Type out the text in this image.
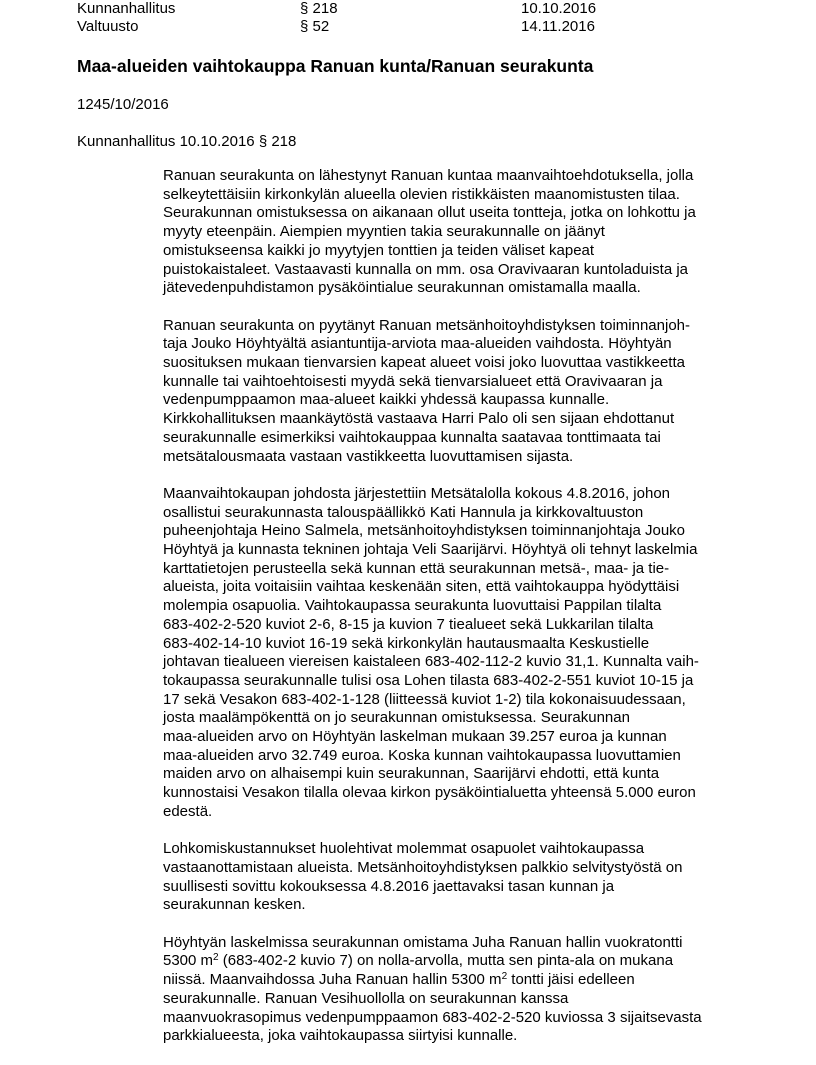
Kunnanhallitus	§ 218	10.10.2016
Valtuusto	§ 52	14.11.2016
Maa-alueiden vaihtokauppa Ranuan kunta/Ranuan seurakunta
1245/10/2016
Kunnanhallitus 10.10.2016 § 218

Ranuan seurakunta on lähestynyt Ranuan kuntaa maanvaihtoehdotuksella, jolla
selkeytettäisiin kirkonkylän alueella olevien ristikkäisten maanomistusten tilaa.
Seurakunnan omistuksessa on aikanaan ollut useita tontteja, jotka on lohkottu ja
myyty eteenpäin. Aiempien myyntien takia seurakunnalle on jäänyt
omistukseensa kaikki jo myytyjen tonttien ja teiden väliset kapeat
puistokaistaleet. Vastaavasti kunnalla on mm. osa Oravivaaran kuntoladuista ja
jätevedenpuhdistamon pysäköintialue seurakunnan omistamalla maalla.

Ranuan seurakunta on pyytänyt Ranuan metsänhoitoyhdistyksen toiminnanjoh-
taja Jouko Höyhtyältä asiantuntija-arviota maa-alueiden vaihdosta. Höyhtyän
suosituksen mukaan tienvarsien kapeat alueet voisi joko luovuttaa vastikkeetta
kunnalle tai vaihtoehtoisesti myydä sekä tienvarsialueet että Oravivaaran ja
vedenpumppaamon maa-alueet kaikki yhdessä kaupassa kunnalle.
Kirkkohallituksen maankäytöstä vastaava Harri Palo oli sen sijaan ehdottanut
seurakunnalle esimerkiksi vaihtokauppaa kunnalta saatavaa tonttimaata tai
metsätalousmaata vastaan vastikkeetta luovuttamisen sijasta.

Maanvaihtokaupan johdosta järjestettiin Metsätalolla kokous 4.8.2016, johon
osallistui seurakunnasta talouspäällikkö Kati Hannula ja kirkkovaltuuston
puheenjohtaja Heino Salmela, metsänhoitoyhdistyksen toiminnanjohtaja Jouko
Höyhtyä ja kunnasta tekninen johtaja Veli Saarijärvi. Höyhtyä oli tehnyt laskelmia
karttatietojen perusteella sekä kunnan että seurakunnan metsä-, maa- ja tie-
alueista, joita voitaisiin vaihtaa keskenään siten, että vaihtokauppa hyödyttäisi
molempia osapuolia. Vaihtokaupassa seurakunta luovuttaisi Pappilan tilalta
683-402-2-520 kuviot 2-6, 8-15 ja kuvion 7 tiealueet sekä Lukkarilan tilalta
683-402-14-10 kuviot 16-19 sekä kirkonkylän hautausmaalta Keskustielle
johtavan tiealueen viereisen kaistaleen 683-402-112-2 kuvio 31,1. Kunnalta vaih-
tokaupassa seurakunnalle tulisi osa Lohen tilasta 683-402-2-551 kuviot 10-15 ja
17 sekä Vesakon 683-402-1-128 (liitteessä kuviot 1-2) tila kokonaisuudessaan,
josta maalämpökenttä on jo seurakunnan omistuksessa. Seurakunnan
maa-alueiden arvo on Höyhtyän laskelman mukaan 39.257 euroa ja kunnan
maa-alueiden arvo 32.749 euroa. Koska kunnan vaihtokaupassa luovuttamien
maiden arvo on alhaisempi kuin seurakunnan, Saarijärvi ehdotti, että kunta
kunnostaisi Vesakon tilalla olevaa kirkon pysäköintialuetta yhteensä 5.000 euron
edestä.

Lohkomiskustannukset huolehtivat molemmat osapuolet vaihtokaupassa
vastaanottamistaan alueista. Metsänhoitoyhdistyksen palkkio selvitystyöstä on
suullisesti sovittu kokouksessa 4.8.2016 jaettavaksi tasan kunnan ja
seurakunnan kesken.

Höyhtyän laskelmissa seurakunnan omistama Juha Ranuan hallin vuokratontti
5300 $m^2$ (683-402-2 kuvio 7) on nolla-arvolla, mutta sen pinta-ala on mukana
niissä. Maanvaihdossa Juha Ranuan hallin 5300 $m^2$ tontti jäisi edelleen
seurakunnalle. Ranuan Vesihuollolla on seurakunnan kanssa
maanvuokrasopimus vedenpumppaamon 683-402-2-520 kuviossa 3 sijaitsevasta
parkkialueesta, joka vaihtokaupassa siirtyisi kunnalle.
